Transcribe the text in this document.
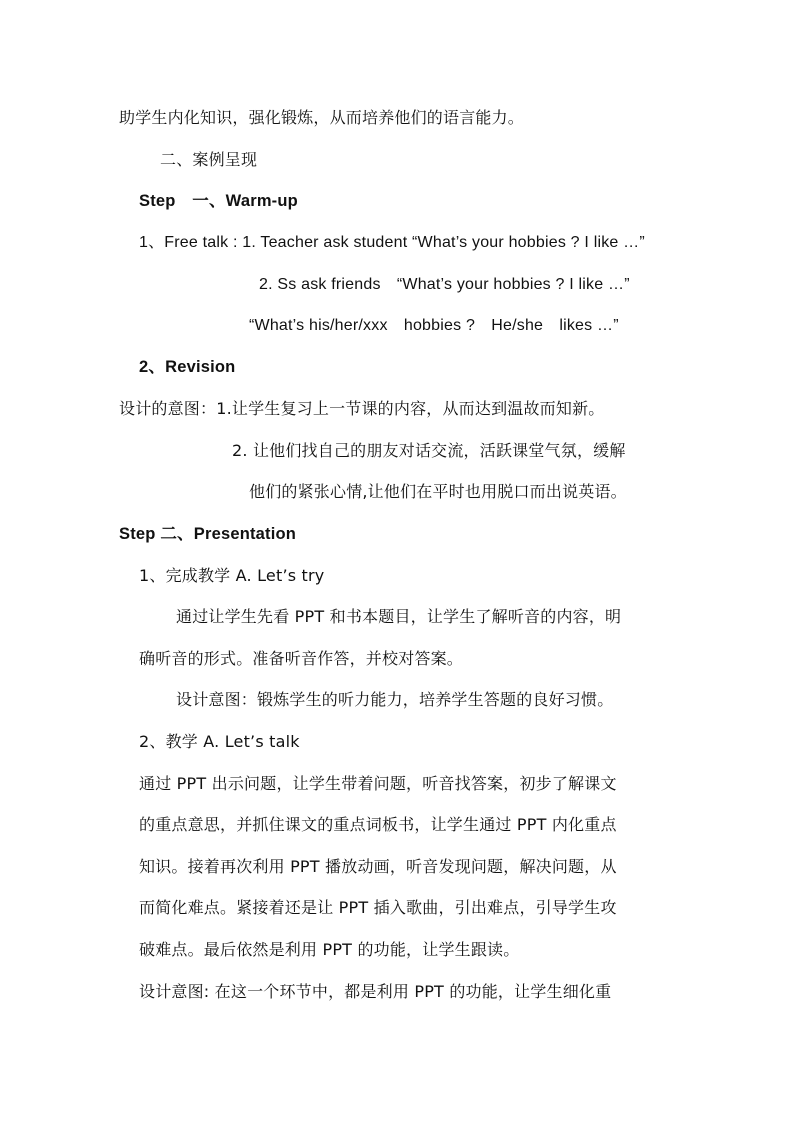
助学生内化知识，强化锻炼，从而培养他们的语言能力。
二、案例呈现
Step　一、Warm-up
1、Free talk : 1. Teacher ask student “What’s your hobbies ? I like …”
2. Ss ask friends　“What’s your hobbies ? I like …”
“What’s his/her/xxx　hobbies ?　He/she　likes …”
2、Revision
设计的意图：1.让学生复习上一节课的内容，从而达到温故而知新。
2. 让他们找自己的朋友对话交流，活跃课堂气氛，缓解
他们的紧张心情,让他们在平时也用脱口而出说英语。
Step 二、Presentation
1、完成教学 A. Let’s try
通过让学生先看 PPT 和书本题目，让学生了解听音的内容，明
确听音的形式。准备听音作答，并校对答案。
设计意图：锻炼学生的听力能力，培养学生答题的良好习惯。
2、教学 A. Let’s talk
通过 PPT 出示问题，让学生带着问题，听音找答案，初步了解课文
的重点意思，并抓住课文的重点词板书，让学生通过 PPT 内化重点
知识。接着再次利用 PPT 播放动画，听音发现问题，解决问题，从
而简化难点。紧接着还是让 PPT 插入歌曲，引出难点，引导学生攻
破难点。最后依然是利用 PPT 的功能，让学生跟读。
设计意图: 在这一个环节中，都是利用 PPT 的功能，让学生细化重
